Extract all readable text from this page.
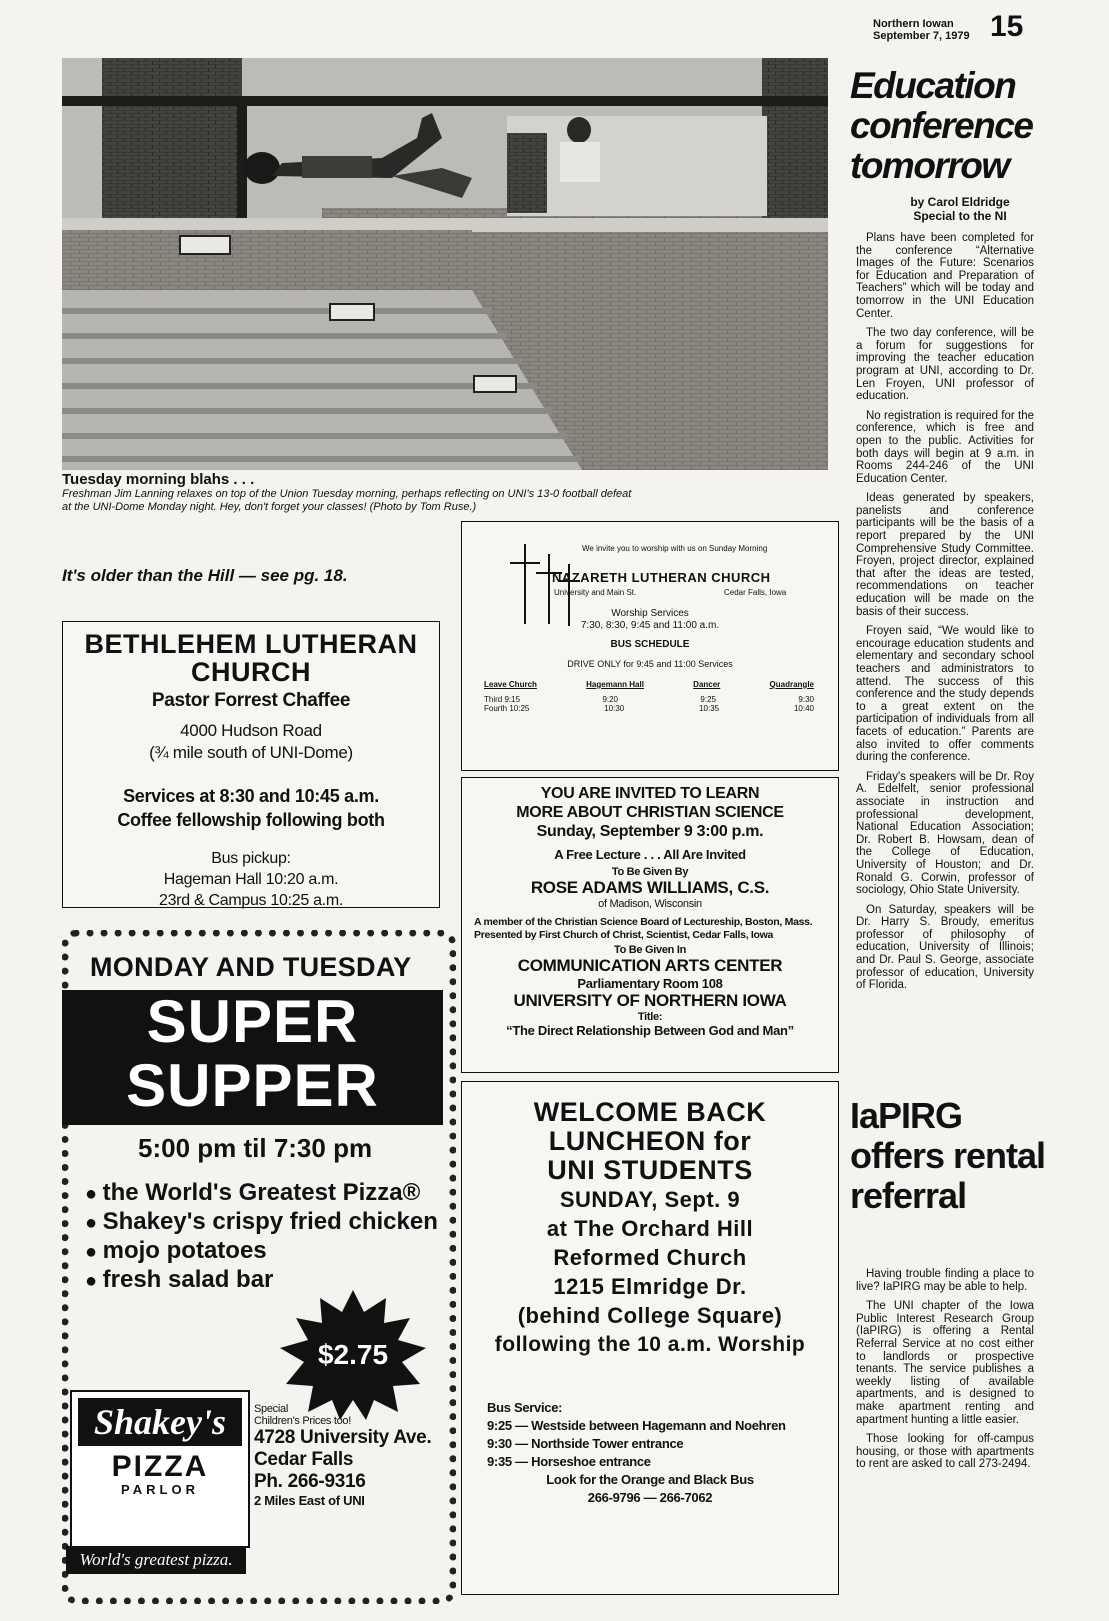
Northern Iowan
September 7, 1979 15
Tuesday morning blahs . . .
Freshman Jim Lanning relaxes on top of the Union Tuesday morning, perhaps reflecting on UNI's 13-0 football defeat at the UNI-Dome Monday night. Hey, don't forget your classes! (Photo by Tom Ruse.)
It's older than the Hill — see pg. 18.
Education conference tomorrow
by Carol Eldridge
Special to the NI

Plans have been completed for the conference “Alternative Images of the Future: Scenarios for Education and Preparation of Teachers” which will be today and tomorrow in the UNI Education Center.

The two day conference, will be a forum for suggestions for improving the teacher education program at UNI, according to Dr. Len Froyen, UNI professor of education.

No registration is required for the conference, which is free and open to the public. Activities for both days will begin at 9 a.m. in Rooms 244-246 of the UNI Education Center.

Ideas generated by speakers, panelists and conference participants will be the basis of a report prepared by the UNI Comprehensive Study Committee. Froyen, project director, explained that after the ideas are tested, recommendations on teacher education will be made on the basis of their success.

Froyen said, “We would like to encourage education students and elementary and secondary school teachers and administrators to attend. The success of this conference and the study depends to a great extent on the participation of individuals from all facets of education.” Parents are also invited to offer comments during the conference.

Friday's speakers will be Dr. Roy A. Edelfelt, senior professional associate in instruction and professional development, National Education Association; Dr. Robert B. Howsam, dean of the College of Education, University of Houston; and Dr. Ronald G. Corwin, professor of sociology, Ohio State University.

On Saturday, speakers will be Dr. Harry S. Broudy, emeritus professor of philosophy of education, University of Illinois; and Dr. Paul S. George, associate professor of education, University of Florida.

IaPIRG offers rental referral

Having trouble finding a place to live? IaPIRG may be able to help.

The UNI chapter of the Iowa Public Interest Research Group (IaPIRG) is offering a Rental Referral Service at no cost either to landlords or prospective tenants. The service publishes a weekly listing of available apartments, and is designed to make apartment renting and apartment hunting a little easier.

Those looking for off-campus housing, or those with apartments to rent are asked to call 273-2494.

BETHLEHEM LUTHERAN CHURCH
Pastor Forrest Chaffee
4000 Hudson Road
(¾ mile south of UNI-Dome)
Services at 8:30 and 10:45 a.m.
Coffee fellowship following both
Bus pickup:
Hageman Hall 10:20 a.m.
23rd & Campus 10:25 a.m.
We invite you to worship with us on Sunday Morning
NAZARETH LUTHERAN CHURCH
University and Main St.	Cedar Falls, Iowa
Worship Services
7:30, 8:30, 9:45 and 11:00 a.m.
BUS SCHEDULE
DRIVE ONLY for 9:45 and 11:00 Services
Leave Church	Hagemann Hall	Dancer	Quadrangle
Third 9:15	9:20	9:25	9:30
Fourth 10:25	10:30	10:35	10:40
YOU ARE INVITED TO LEARN
MORE ABOUT CHRISTIAN SCIENCE
Sunday, September 9 3:00 p.m.
A Free Lecture . . . All Are Invited
To Be Given By
ROSE ADAMS WILLIAMS, C.S.
of Madison, Wisconsin
A member of the Christian Science Board of Lectureship, Boston, Mass. Presented by First Church of Christ, Scientist, Cedar Falls, Iowa
To Be Given In
COMMUNICATION ARTS CENTER
Parliamentary Room 108
UNIVERSITY OF NORTHERN IOWA
Title:
“The Direct Relationship Between God and Man”
WELCOME BACK
LUNCHEON for
UNI STUDENTS
SUNDAY, Sept. 9
at The Orchard Hill
Reformed Church
1215 Elmridge Dr.
(behind College Square)
following the 10 a.m. Worship
Bus Service:
9:25 — Westside between Hagemann and Noehren
9:30 — Northside Tower entrance
9:35 — Horseshoe entrance
Look for the Orange and Black Bus
266-9796 — 266-7062
MONDAY AND TUESDAY
SUPER
SUPPER
5:00 pm til 7:30 pm
● the World's Greatest Pizza®
● Shakey's crispy fried chicken
● mojo potatoes
● fresh salad bar
$2.75
Shakey's
PIZZA
PARLOR
World's greatest pizza.
Special
Children's Prices too!
4728 University Ave.
Cedar Falls
Ph. 266-9316
2 Miles East of UNI
